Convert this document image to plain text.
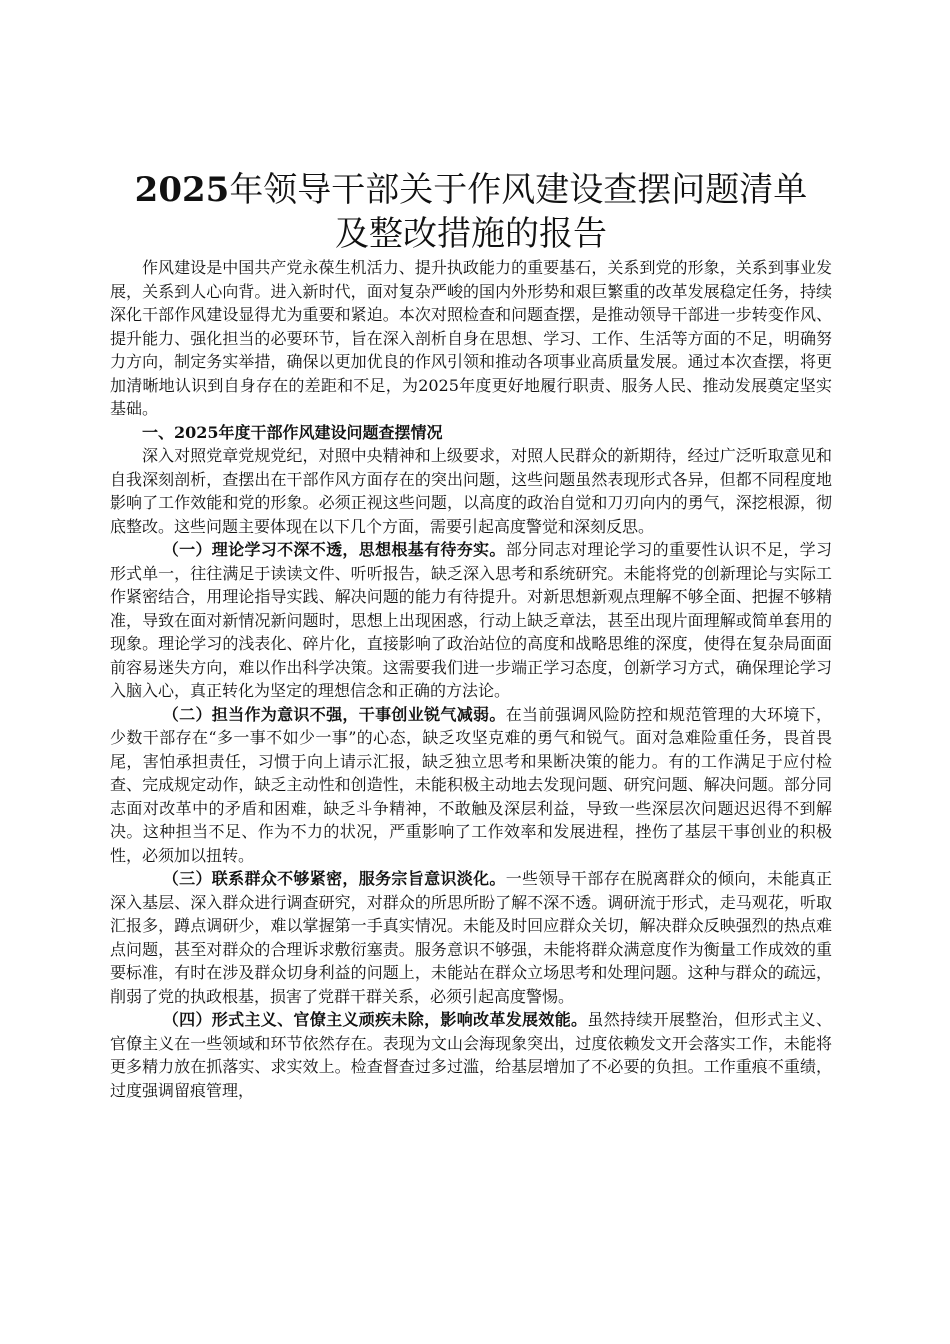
2025年领导干部关于作风建设查摆问题清单
及整改措施的报告

作风建设是中国共产党永葆生机活力、提升执政能力的重要基石，关系到党的形象，关系到事业发展，关系到人心向背。进入新时代，面对复杂严峻的国内外形势和艰巨繁重的改革发展稳定任务，持续深化干部作风建设显得尤为重要和紧迫。本次对照检查和问题查摆，是推动领导干部进一步转变作风、提升能力、强化担当的必要环节，旨在深入剖析自身在思想、学习、工作、生活等方面的不足，明确努力方向，制定务实举措，确保以更加优良的作风引领和推动各项事业高质量发展。通过本次查摆，将更加清晰地认识到自身存在的差距和不足，为2025年度更好地履行职责、服务人民、推动发展奠定坚实基础。

一、2025年度干部作风建设问题查摆情况

深入对照党章党规党纪，对照中央精神和上级要求，对照人民群众的新期待，经过广泛听取意见和自我深刻剖析，查摆出在干部作风方面存在的突出问题，这些问题虽然表现形式各异，但都不同程度地影响了工作效能和党的形象。必须正视这些问题，以高度的政治自觉和刀刃向内的勇气，深挖根源，彻底整改。这些问题主要体现在以下几个方面，需要引起高度警觉和深刻反思。

（一）理论学习不深不透，思想根基有待夯实。部分同志对理论学习的重要性认识不足，学习形式单一，往往满足于读读文件、听听报告，缺乏深入思考和系统研究。未能将党的创新理论与实际工作紧密结合，用理论指导实践、解决问题的能力有待提升。对新思想新观点理解不够全面、把握不够精准，导致在面对新情况新问题时，思想上出现困惑，行动上缺乏章法，甚至出现片面理解或简单套用的现象。理论学习的浅表化、碎片化，直接影响了政治站位的高度和战略思维的深度，使得在复杂局面面前容易迷失方向，难以作出科学决策。这需要我们进一步端正学习态度，创新学习方式，确保理论学习入脑入心，真正转化为坚定的理想信念和正确的方法论。

（二）担当作为意识不强，干事创业锐气减弱。在当前强调风险防控和规范管理的大环境下，少数干部存在“多一事不如少一事”的心态，缺乏攻坚克难的勇气和锐气。面对急难险重任务，畏首畏尾，害怕承担责任，习惯于向上请示汇报，缺乏独立思考和果断决策的能力。有的工作满足于应付检查、完成规定动作，缺乏主动性和创造性，未能积极主动地去发现问题、研究问题、解决问题。部分同志面对改革中的矛盾和困难，缺乏斗争精神，不敢触及深层利益，导致一些深层次问题迟迟得不到解决。这种担当不足、作为不力的状况，严重影响了工作效率和发展进程，挫伤了基层干事创业的积极性，必须加以扭转。

（三）联系群众不够紧密，服务宗旨意识淡化。一些领导干部存在脱离群众的倾向，未能真正深入基层、深入群众进行调查研究，对群众的所思所盼了解不深不透。调研流于形式，走马观花，听取汇报多，蹲点调研少，难以掌握第一手真实情况。未能及时回应群众关切，解决群众反映强烈的热点难点问题，甚至对群众的合理诉求敷衍塞责。服务意识不够强，未能将群众满意度作为衡量工作成效的重要标准，有时在涉及群众切身利益的问题上，未能站在群众立场思考和处理问题。这种与群众的疏远，削弱了党的执政根基，损害了党群干群关系，必须引起高度警惕。

（四）形式主义、官僚主义顽疾未除，影响改革发展效能。虽然持续开展整治，但形式主义、官僚主义在一些领域和环节依然存在。表现为文山会海现象突出，过度依赖发文开会落实工作，未能将更多精力放在抓落实、求实效上。检查督查过多过滥，给基层增加了不必要的负担。工作重痕不重绩，过度强调留痕管理，
